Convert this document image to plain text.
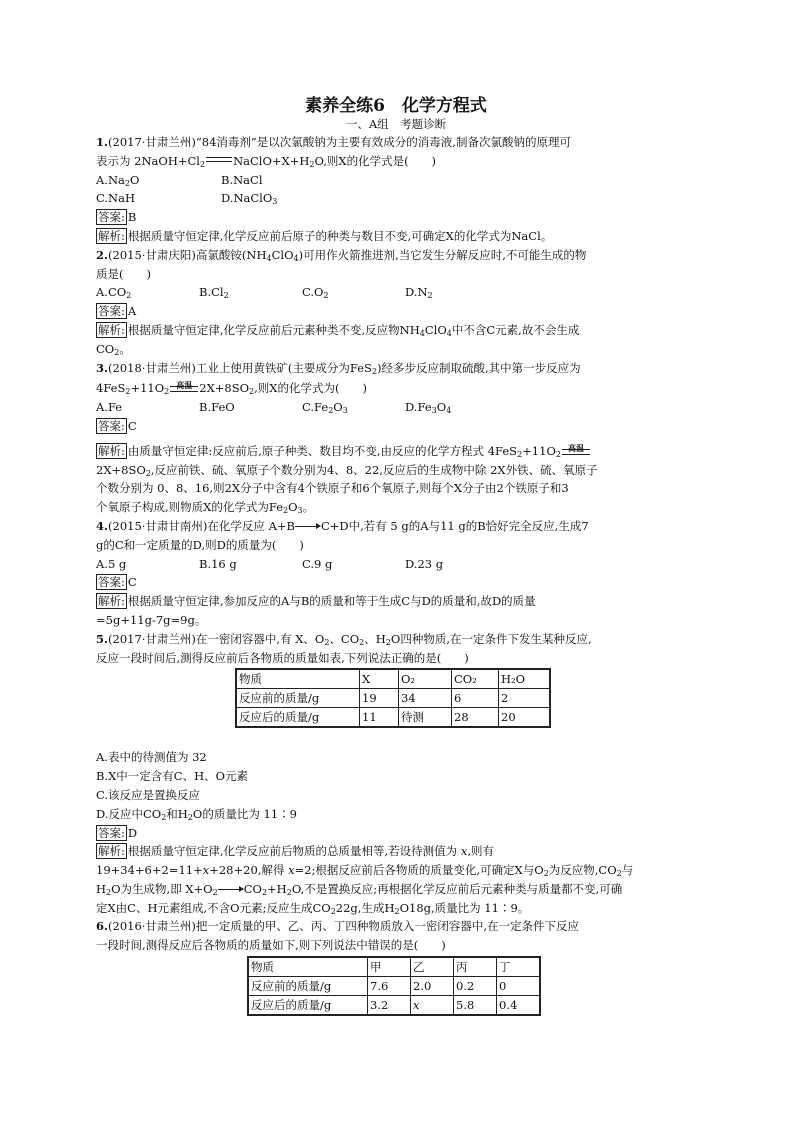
素养全练6　化学方程式
一、A组　考题诊断
1.(2017·甘肃兰州)“84消毒剂”是以次氯酸钠为主要有效成分的消毒液,制备次氯酸钠的原理可
表示为 $2NaOH+Cl_2$ $NaClO+X+H_2O$,则X的化学式是(　　)
$A.Na_2O$	B.NaCl
C.NaH	D.NaClO$_3$
答案: B
解析: 根据质量守恒定律,化学反应前后原子的种类与数目不变,可确定X的化学式为NaCl。
2.(2015·甘肃庆阳)高氯酸铵$(NH_4ClO_4)$可用作火箭推进剂,当它发生分解反应时,不可能生成的物
质是(　　)
$A.CO_2$	$B.Cl_2$	$C.O_2$	$D.N_2$
答案: A
解析: 根据质量守恒定律,化学反应前后元素种类不变,反应物$NH_4ClO_4$中不含C元素,故不会生成
$CO_2$。
3.(2018·甘肃兰州)工业上使用黄铁矿(主要成分为FeS$_2$)经多步反应制取硫酸,其中第一步反应为
$4FeS_2+11O_2$
高温 $2X+8SO_2$,则X的化学式为(　　)
A.Fe	B.FeO	$C.Fe_2O_3$	$D.Fe_3O_4$
答案: C
解析: 由质量守恒定律:反应前后,原子种类、数目均不变,由反应的化学方程式 $4FeS_2+11O_2$
高温
$2X+8SO_2$,反应前铁、硫、氧原子个数分别为4、8、22,反应后的生成物中除 2X外铁、硫、氧原子
个数分别为 0、8、16,则2X分子中含有4个铁原子和6个氧原子,则每个X分子由2个铁原子和3
个氧原子构成,则物质X的化学式为$Fe_2O_3$。
4.(2015·甘肃甘南州)在化学反应 A+B C+D中,若有 5 g的A与11 g的B恰好完全反应,生成7
g的C和一定质量的D,则D的质量为(　　)
A.5 g	B.16 g	C.9 g	D.23 g
答案: C
解析: 根据质量守恒定律,参加反应的A与B的质量和等于生成C与D的质量和,故D的质量
=5g+11g-7g=9g。
5.(2017·甘肃兰州)在一密闭容器中,有 X、$O_2$、$CO_2$、$H_2O$四种物质,在一定条件下发生某种反应,
反应一段时间后,测得反应前后各物质的质量如表,下列说法正确的是(　　)
物质	X	O₂	CO₂	H₂O
反应前的质量/g	19	34	6	2
反应后的质量/g	11	待测	28	20
A.表中的待测值为 32
B.X中一定含有C、H、O元素
C.该反应是置换反应
D.反应中$CO_2$和$H_2O$的质量比为 11∶9
答案: D
解析: 根据质量守恒定律,化学反应前后物质的总质量相等,若设待测值为 x,则有
19+34+6+2=11+x+28+20,解得 x=2;根据反应前后各物质的质量变化,可确定X与$O_2$为反应物$,CO_2$与
$H_2O$为生成物,即 $X+O_2$ $CO_2+H_2O$,不是置换反应;再根据化学反应前后元素种类与质量都不变,可确
定X由C、H元素组成,不含O元素;反应生成$CO_222g$,生成$H_2O18g$,质量比为 11∶9。
6.(2016·甘肃兰州)把一定质量的甲、乙、丙、丁四种物质放入一密闭容器中,在一定条件下反应
一段时间,测得反应后各物质的质量如下,则下列说法中错误的是(　　)
物质	甲	乙	丙	丁
反应前的质量/g	7.6	2.0	0.2	0
反应后的质量/g	3.2	x	5.8	0.4
